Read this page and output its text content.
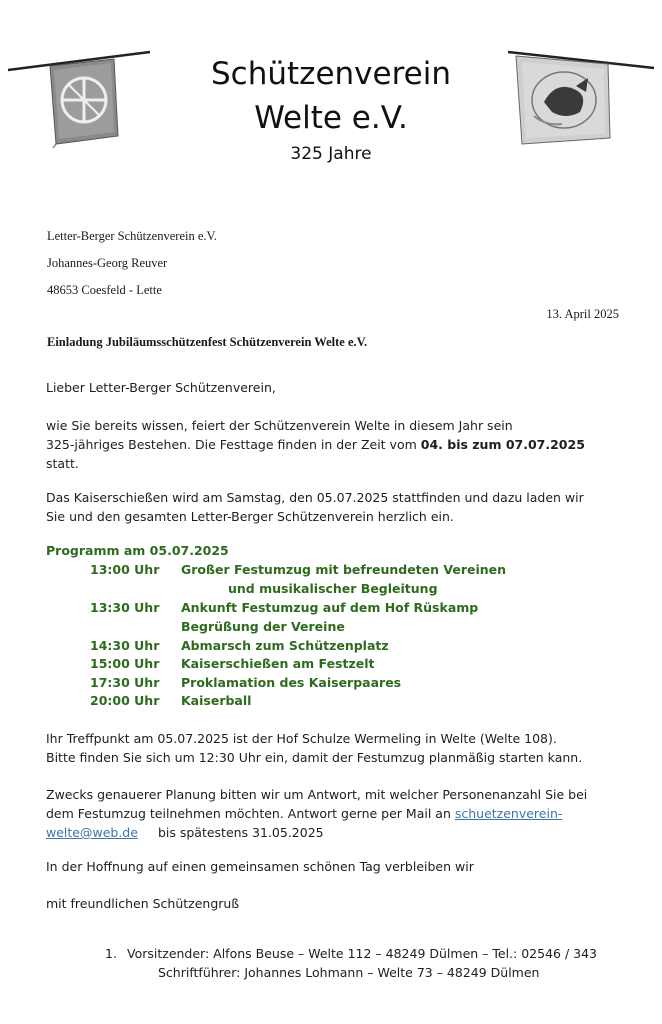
Schützenverein
Welte e.V.
325 Jahre
Letter-Berger Schützenverein e.V.
Johannes-Georg Reuver
48653 Coesfeld - Lette
13. April 2025
Einladung Jubiläumsschützenfest Schützenverein Welte e.V.
Lieber Letter-Berger Schützenverein,
wie Sie bereits wissen, feiert der Schützenverein Welte in diesem Jahr sein
325-jähriges Bestehen. Die Festtage finden in der Zeit vom 04. bis zum 07.07.2025
statt.
Das Kaiserschießen wird am Samstag, den 05.07.2025 stattfinden und dazu laden wir
Sie und den gesamten Letter-Berger Schützenverein herzlich ein.
Programm am 05.07.2025
13:00 Uhr Großer Festumzug mit befreundeten Vereinen
und musikalischer Begleitung
13:30 Uhr Ankunft Festumzug auf dem Hof Rüskamp
Begrüßung der Vereine
14:30 Uhr Abmarsch zum Schützenplatz
15:00 Uhr Kaiserschießen am Festzelt
17:30 Uhr Proklamation des Kaiserpaares
20:00 Uhr Kaiserball
Ihr Treffpunkt am 05.07.2025 ist der Hof Schulze Wermeling in Welte (Welte 108).
Bitte finden Sie sich um 12:30 Uhr ein, damit der Festumzug planmäßig starten kann.
Zwecks genauerer Planung bitten wir um Antwort, mit welcher Personenanzahl Sie bei
dem Festumzug teilnehmen möchten. Antwort gerne per Mail an schuetzenverein-
welte@web.de bis spätestens 31.05.2025
In der Hoffnung auf einen gemeinsamen schönen Tag verbleiben wir
mit freundlichen Schützengruß
1. Vorsitzender: Alfons Beuse – Welte 112 – 48249 Dülmen – Tel.: 02546 / 343
Schriftführer: Johannes Lohmann – Welte 73 – 48249 Dülmen
